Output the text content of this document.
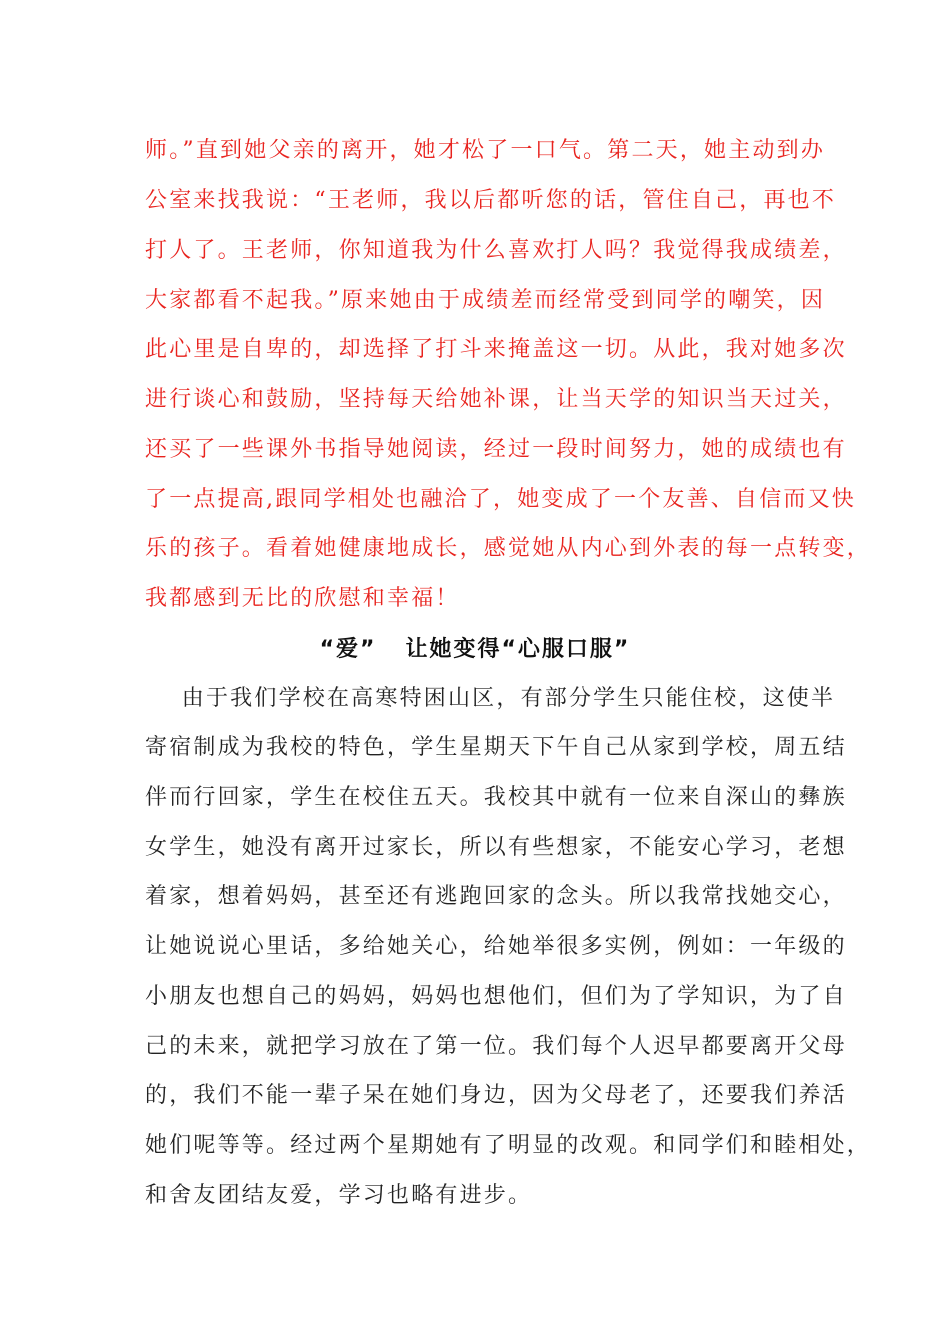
师。”直到她父亲的离开，她才松了一口气。第二天，她主动到办
公室来找我说：“王老师，我以后都听您的话，管住自己，再也不
打人了。王老师，你知道我为什么喜欢打人吗？我觉得我成绩差，
大家都看不起我。”原来她由于成绩差而经常受到同学的嘲笑，因
此心里是自卑的，却选择了打斗来掩盖这一切。从此，我对她多次
进行谈心和鼓励，坚持每天给她补课，让当天学的知识当天过关，
还买了一些课外书指导她阅读，经过一段时间努力，她的成绩也有
了一点提高,跟同学相处也融洽了，她变成了一个友善、自信而又快
乐的孩子。看着她健康地成长，感觉她从内心到外表的每一点转变，
我都感到无比的欣慰和幸福！
“爱”   让她变得“心服口服”
由于我们学校在高寒特困山区，有部分学生只能住校，这使半
寄宿制成为我校的特色，学生星期天下午自己从家到学校，周五结
伴而行回家，学生在校住五天。我校其中就有一位来自深山的彝族
女学生，她没有离开过家长，所以有些想家，不能安心学习，老想
着家，想着妈妈，甚至还有逃跑回家的念头。所以我常找她交心，
让她说说心里话，多给她关心，给她举很多实例，例如：一年级的
小朋友也想自己的妈妈，妈妈也想他们，但们为了学知识，为了自
己的未来，就把学习放在了第一位。我们每个人迟早都要离开父母
的，我们不能一辈子呆在她们身边，因为父母老了，还要我们养活
她们呢等等。经过两个星期她有了明显的改观。和同学们和睦相处，
和舍友团结友爱，学习也略有进步。
